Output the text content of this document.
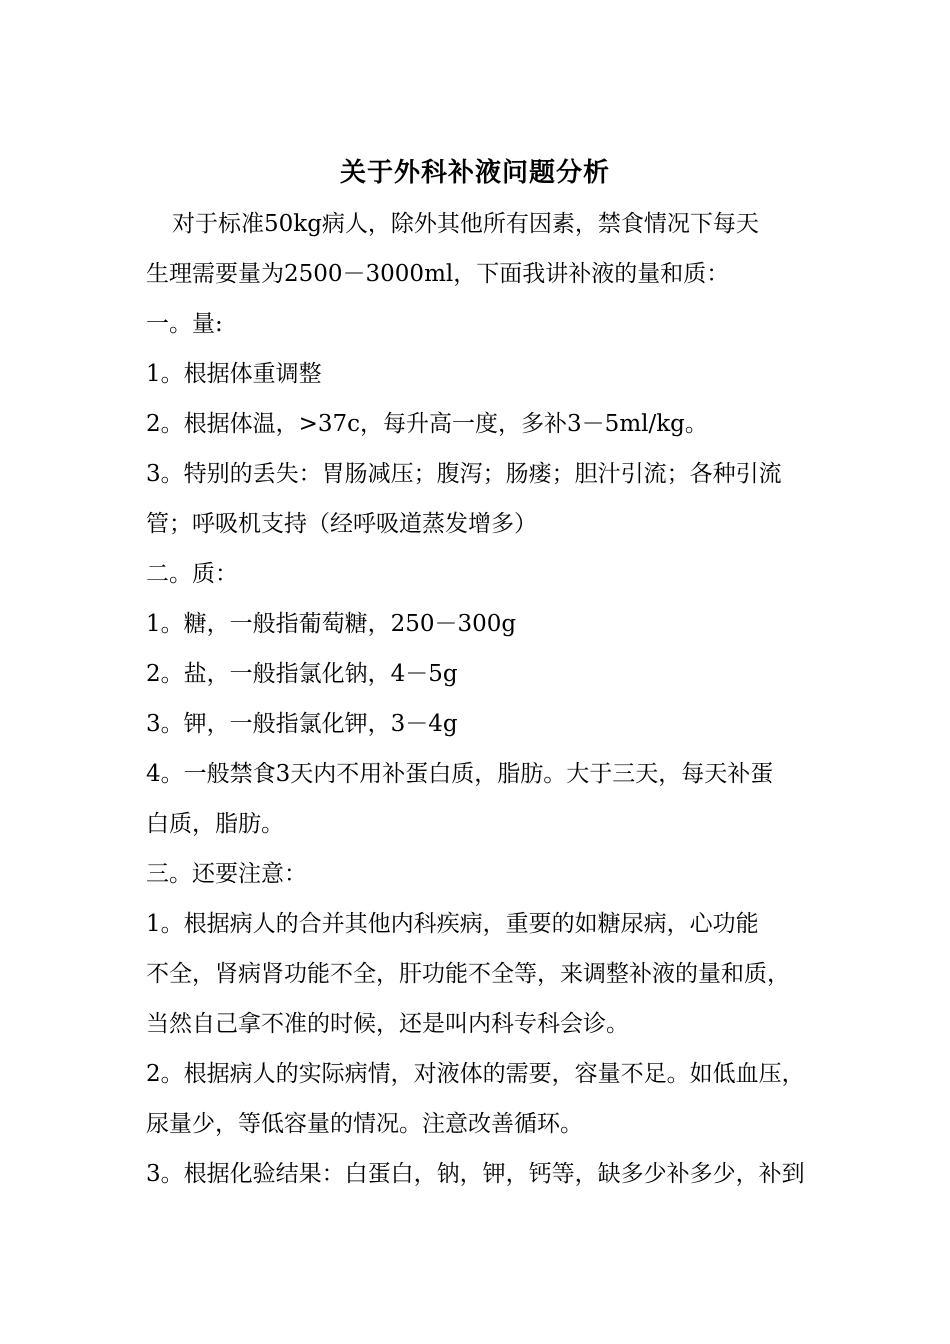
关于外科补液问题分析
对于标准50kg病人，除外其他所有因素，禁食情况下每天
生理需要量为2500－3000ml，下面我讲补液的量和质：
一。量:
1。根据体重调整
2。根据体温，>37c，每升高一度，多补3－5ml/kg。
3。特别的丢失：胃肠减压；腹泻；肠瘘；胆汁引流；各种引流
管；呼吸机支持（经呼吸道蒸发增多）
二。质：
1。糖，一般指葡萄糖，250－300g
2。盐，一般指氯化钠，4－5g
3。钾，一般指氯化钾，3－4g
4。一般禁食3天内不用补蛋白质，脂肪。大于三天，每天补蛋
白质，脂肪。
三。还要注意：
1。根据病人的合并其他内科疾病，重要的如糖尿病，心功能
不全，肾病肾功能不全，肝功能不全等，来调整补液的量和质，
当然自己拿不准的时候，还是叫内科专科会诊。
2。根据病人的实际病情，对液体的需要，容量不足。如低血压，
尿量少，等低容量的情况。注意改善循环。
3。根据化验结果：白蛋白，钠，钾，钙等，缺多少补多少，补到
